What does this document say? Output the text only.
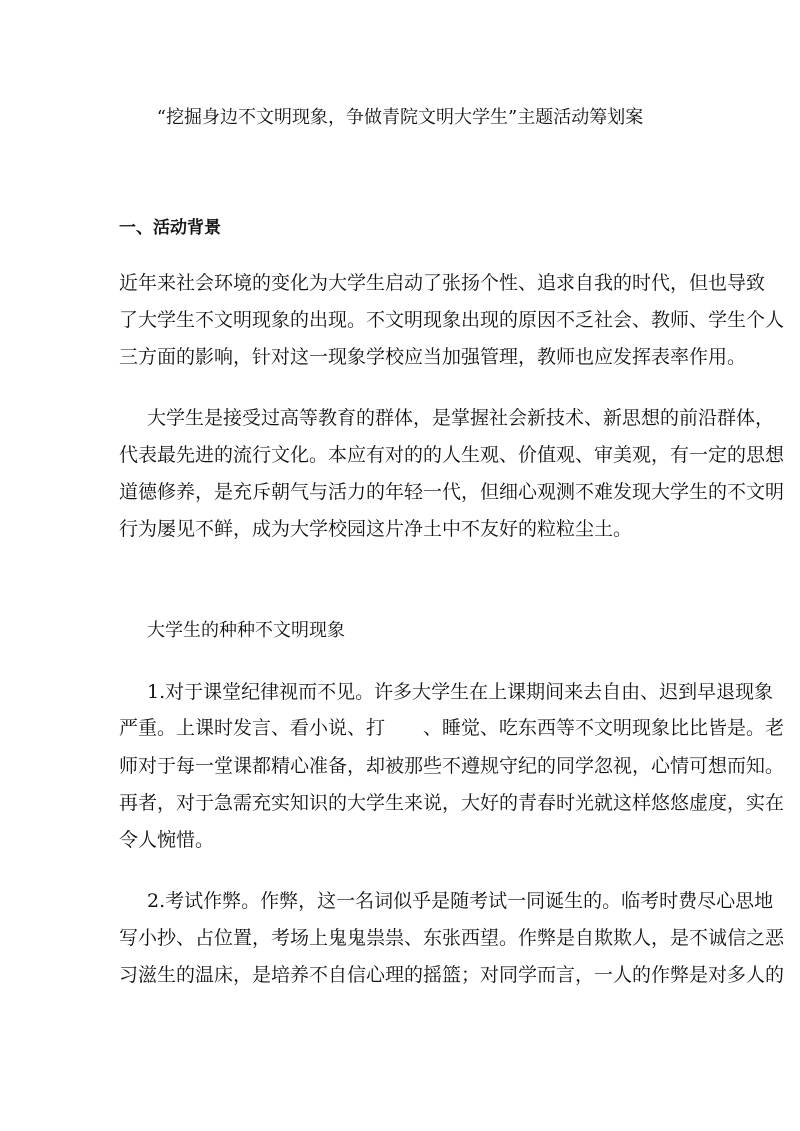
“挖掘身边不文明现象，争做青院文明大学生”主题活动筹划案
一、活动背景
近年来社会环境的变化为大学生启动了张扬个性、追求自我的时代，但也导致
了大学生不文明现象的出现。不文明现象出现的原因不乏社会、教师、学生个人
三方面的影响，针对这一现象学校应当加强管理，教师也应发挥表率作用。
大学生是接受过高等教育的群体，是掌握社会新技术、新思想的前沿群体，
代表最先进的流行文化。本应有对的的人生观、价值观、审美观，有一定的思想
道德修养，是充斥朝气与活力的年轻一代，但细心观测不难发现大学生的不文明
行为屡见不鲜，成为大学校园这片净土中不友好的粒粒尘土。
大学生的种种不文明现象
1.对于课堂纪律视而不见。许多大学生在上课期间来去自由、迟到早退现象
严重。上课时发言、看小说、打　　、睡觉、吃东西等不文明现象比比皆是。老
师对于每一堂课都精心准备，却被那些不遵规守纪的同学忽视，心情可想而知。
再者，对于急需充实知识的大学生来说，大好的青春时光就这样悠悠虚度，实在
令人惋惜。
2.考试作弊。作弊，这一名词似乎是随考试一同诞生的。临考时费尽心思地
写小抄、占位置，考场上鬼鬼祟祟、东张西望。作弊是自欺欺人，是不诚信之恶
习滋生的温床，是培养不自信心理的摇篮；对同学而言，一人的作弊是对多人的
